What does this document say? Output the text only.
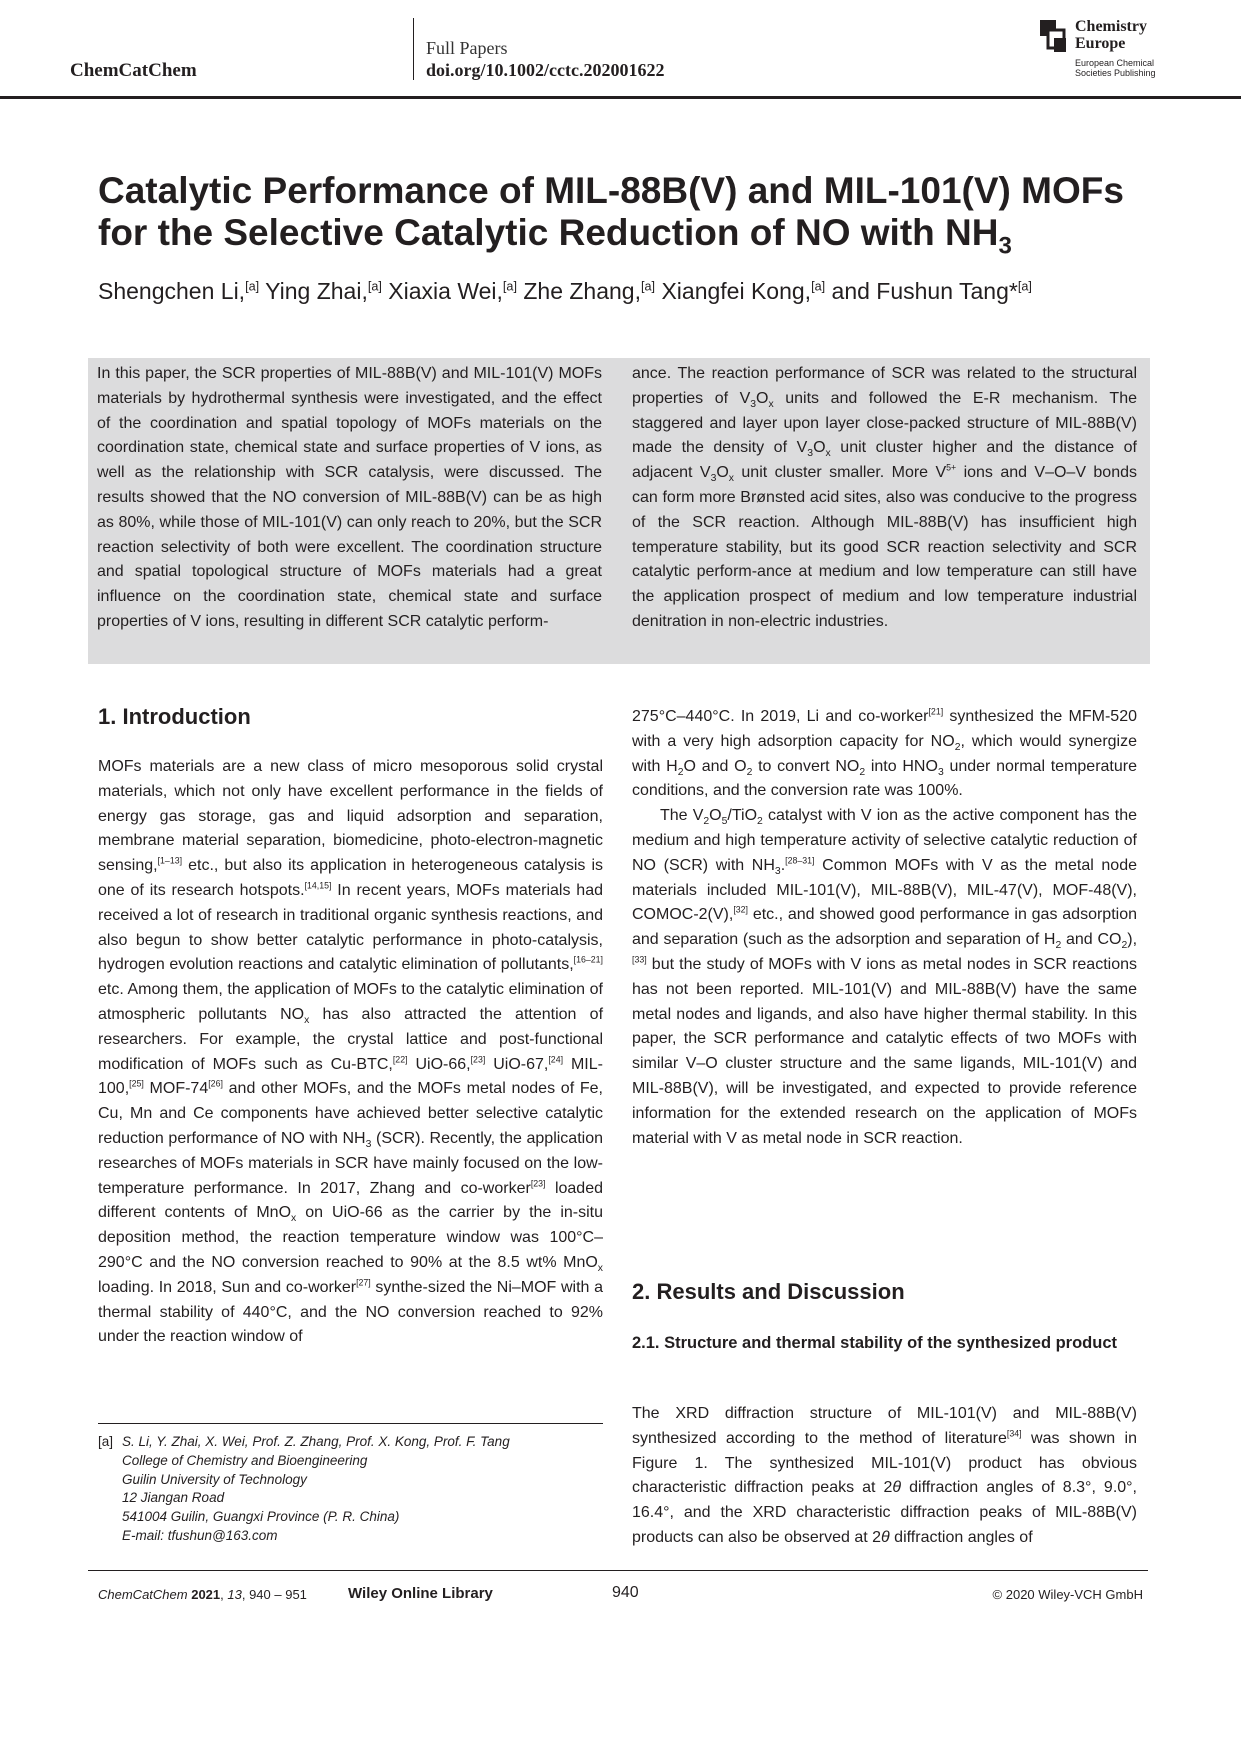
ChemCatChem
Full Papers
doi.org/10.1002/cctc.202001622
Chemistry
Europe
European Chemical
Societies Publishing
Catalytic Performance of MIL-88B(V) and MIL-101(V) MOFs
for the Selective Catalytic Reduction of NO with $NH_3$
Shengchen Li,[a] Ying Zhai,[a] Xiaxia Wei,[a] Zhe Zhang,[a] Xiangfei Kong,[a] and Fushun Tang*[a]
In this paper, the SCR properties of MIL-88B(V) and MIL-101(V) MOFs materials by hydrothermal synthesis were investigated, and the effect of the coordination and spatial topology of MOFs materials on the coordination state, chemical state and surface properties of V ions, as well as the relationship with SCR catalysis, were discussed. The results showed that the NO conversion of MIL-88B(V) can be as high as 80%, while those of MIL-101(V) can only reach to 20%, but the SCR reaction selectivity of both were excellent. The coordination structure and spatial topological structure of MOFs materials had a great influence on the coordination state, chemical state and surface properties of V ions, resulting in different SCR catalytic perform-
ance. The reaction performance of SCR was related to the structural properties of $V_3O_x$ units and followed the E-R mechanism. The staggered and layer upon layer close-packed structure of MIL-88B(V) made the density of $V_3O_x$ unit cluster higher and the distance of adjacent $V_3O_x$ unit cluster smaller. More $V^{5+}$ ions and V–O–V bonds can form more Brønsted acid sites, also was conducive to the progress of the SCR reaction. Although MIL-88B(V) has insufficient high temperature stability, but its good SCR reaction selectivity and SCR catalytic perform-ance at medium and low temperature can still have the application prospect of medium and low temperature industrial denitration in non-electric industries.
1. Introduction

MOFs materials are a new class of micro mesoporous solid crystal materials, which not only have excellent performance in the fields of energy gas storage, gas and liquid adsorption and separation, membrane material separation, biomedicine, photo-electron-magnetic sensing,[1–13] etc., but also its application in heterogeneous catalysis is one of its research hotspots.[14,15] In recent years, MOFs materials had received a lot of research in traditional organic synthesis reactions, and also begun to show better catalytic performance in photo-catalysis, hydrogen evolution reactions and catalytic elimination of pollutants,[16–21] etc. Among them, the application of MOFs to the catalytic elimination of atmospheric pollutants $NO_x$ has also attracted the attention of researchers. For example, the crystal lattice and post-functional modification of MOFs such as Cu-BTC,[22] UiO-66,[23] UiO-67,[24] MIL-100,[25] MOF-74[26] and other MOFs, and the MOFs metal nodes of Fe, Cu, Mn and Ce components have achieved better selective catalytic reduction performance of NO with $NH_3$ (SCR). Recently, the application researches of MOFs materials in SCR have mainly focused on the low-temperature performance. In 2017, Zhang and co-worker[23] loaded different contents of MnO$_x$ on UiO-66 as the carrier by the in-situ deposition method, the reaction temperature window was 100°C–290°C and the NO conversion reached to 90% at the 8.5 wt% MnO$_x$ loading. In 2018, Sun and co-worker[27] synthe-sized the Ni–MOF with a thermal stability of 440°C, and the NO conversion reached to 92% under the reaction window of

275°C–440°C. In 2019, Li and co-worker[21] synthesized the MFM-520 with a very high adsorption capacity for $NO_2$, which would synergize with $H_2O$ and $O_2$ to convert $NO_2$ into $HNO_3$ under normal temperature conditions, and the conversion rate was 100%.

The $V_2O_5/TiO_2$ catalyst with V ion as the active component has the medium and high temperature activity of selective catalytic reduction of NO (SCR) with $NH_3.[28-31]$ Common MOFs with V as the metal node materials included MIL-101(V), MIL-88B(V), MIL-47(V), MOF-48(V), COMOC-2(V),[32] etc., and showed good performance in gas adsorption and separation (such as the adsorption and separation of $H_2$ and $CO_2),[33]$ but the study of MOFs with V ions as metal nodes in SCR reactions has not been reported. MIL-101(V) and MIL-88B(V) have the same metal nodes and ligands, and also have higher thermal stability. In this paper, the SCR performance and catalytic effects of two MOFs with similar V–O cluster structure and the same ligands, MIL-101(V) and MIL-88B(V), will be investigated, and expected to provide reference information for the extended research on the application of MOFs material with V as metal node in SCR reaction.

2. Results and Discussion
2.1. Structure and thermal stability of the synthesized product

The XRD diffraction structure of MIL-101(V) and MIL-88B(V) synthesized according to the method of literature[34] was shown in Figure 1. The synthesized MIL-101(V) product has obvious characteristic diffraction peaks at 2θ diffraction angles of 8.3°, 9.0°, 16.4°, and the XRD characteristic diffraction peaks of MIL-88B(V) products can also be observed at 2θ diffraction angles of

[a] S. Li, Y. Zhai, X. Wei, Prof. Z. Zhang, Prof. X. Kong, Prof. F. Tang
College of Chemistry and Bioengineering
Guilin University of Technology
12 Jiangan Road
541004 Guilin, Guangxi Province (P. R. China)
E-mail: tfushun@163.com
ChemCatChem 2021, 13, 940 – 951	Wiley Online Library	940	© 2020 Wiley-VCH GmbH
